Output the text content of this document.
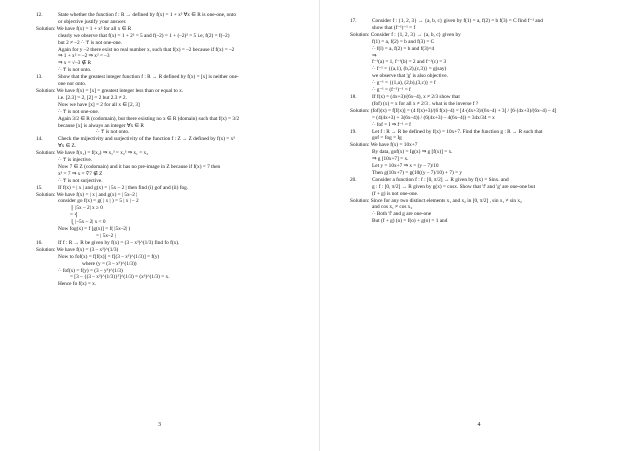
12.	State whether the function f : R → defined by f(x) = 1 + x² ∀x ∈ R is one-one, onto
or objective justify your answer.
Solution: We have f(x) = 1 + x² for all x ∈ R
clearly we observe that f(x) = 1 + 2² = 5 and f(–2) = 1 + (–2)² = 5 i.e, f(2) = f(–2)
but 2 ≠ –2 ∴ 'f' is not one-one.
Again for y –2 there exist no real number x, such that f(x) = –2 because if f(x) = –2
⇒ 1 + x² = –2 ⇒ x² = –3
⇒ x = √–3 ∉ R
∴ 'f' is not onto.
13.	Show that the greatest integer function f : R → R defined by f(x) = [x] is neither one-
one nor onto.
Solution: We have f(x) = [x] = greatest integer less than or equal to x.
i.e. [2.3] = 2, [2] = 2 but 2.3 ≠ 2.
Now we have [x] = 2 for all x ∈ [2, 3]
∴ 'f' is not one-one.
Again 3/2 ∈ R (codomain), but there existing no x ∈ R (domain) such that f(x) = 3/2
because [x] is always an integer ∀x ∈ R
∴ 'f' is not onto.
14.	Check the mijectivity and surjectivity of the function f : Z → Z defined by f(x) = x³
∀x ∈ Z.
Solution: We have f(x₁) = f(x₂) ⇒ x₁³ = x₂³ ⇒ x₁ = x₂
∴ 'f' is injective.
Now 7 ∈ Z (codomain) and it has no pre-image in Z because if f(x) = 7 then
x³ = 7 ⇒ x = ∛7 ∉ Z
∴ 'f' is not surjective.
15.	If f(x) = | x | and g(x) = | 5x – 2 | then find (i) gof and (ii) fog.
Solution: We have f(x) = | x | and g(x) = | 5x–2 |
consider go f(x) = g( | x | ) = 5 | x | – 2
⎧ |5x – 2| x ≥ 0
= ⎨
⎩ |–5x – 2| x < 0
Now fog(x) = f [g(x)] = f( |5x–2| )
= | 5x–2 |
16.	If f : R → R be given by f(x) = (3 – x³)^(1/3) find fo f(x).
Solution: We have f(x) = (3 – x³)^(1/3)
Now to fof(x) = f[f(x)] = f[(3 – x³)^(1/3)] = f(y)
where (y = (3 – x³)^(1/3))
∴ fof(x) = f(y) = (3 – y³)^(1/3)
= [3 – {(3 – x³)^(1/3)}³]^(1/3) = (x³)^(1/3) = x.
Hence fo f(x) = x.
3
17.	Consider f : {1, 2, 3} → {a, b, c} given by f(1) = a, f(2) = b f(3) = C find f⁻¹ and
show that (f⁻¹)⁻¹ = f
Solution: Consider f : {1, 2, 3} → {a, b, c} given by
f(1) = a, f(2) = b and f(3) = C
∴ f(l) = a, f(2) = b and f(3)=4
⇒
f⁻¹(a) = 1, f⁻¹(b) = 2 and f⁻¹(c) = 3
∴ f⁻¹ = {(a,1), (b,2),(c,3)} = g(say)
we observe that 'g' is also objective.
∴ g⁻¹ = {(1,a), (2,b),(3,c)} = f
∴ g⁻¹ = (f⁻¹)⁻¹ = f
18.	If f(x) = (4x+3)/(6x–4), x ≠ 2/3 show that
(fof) (x) = x for all x ≠ 2/3 . what is the inverse f ?
Solution: (fof)(x) = f[f(x)] = (4 f(x)+3)/(6 f(x)–4) = [4·(4x+3)/(6x–4) + 3] / [6·(4x+3)/(6x–4) – 4]
= (4(4x+3) + 3(6x–4)) / (6(4x+3) – 4(6x–4)) = 34x/34 = x
∴ fof = I ⇒ f⁻¹ = f
19.	Let f : R → R be defined by f(x) = 10x+7. Find the function g : R → R such that
gof = fog = Ig
Solution: We have f(x) = 10x+7
By data, gof(x) = Ig(x) ⇒ g [f(x)] = x.
⇒ g [10x+7] = x.
Let y = 10x+7 ⇒ x = (y – 7)/10
Then g(10x+7) = g(10((y – 7)/10) + 7) = y
20.	Consider a function f : f : [0, π/2] → R given by f(x) = Sinx. and
g : f : [0, π/2] → R given by g(x) = cosx. Show that 'f' and 'g' are one-one but
(f + g) is not one-one.
Solution: Since for any two distinct elements x₁ and x₂ in [0, π/2] , sin x₁ ≠ sin x₂
and cos x₁ ≠ cos x₂
∴ Both 'f' and g are one-one
But (f + g) (o) = f(o) + g(o) = 1 and
4
